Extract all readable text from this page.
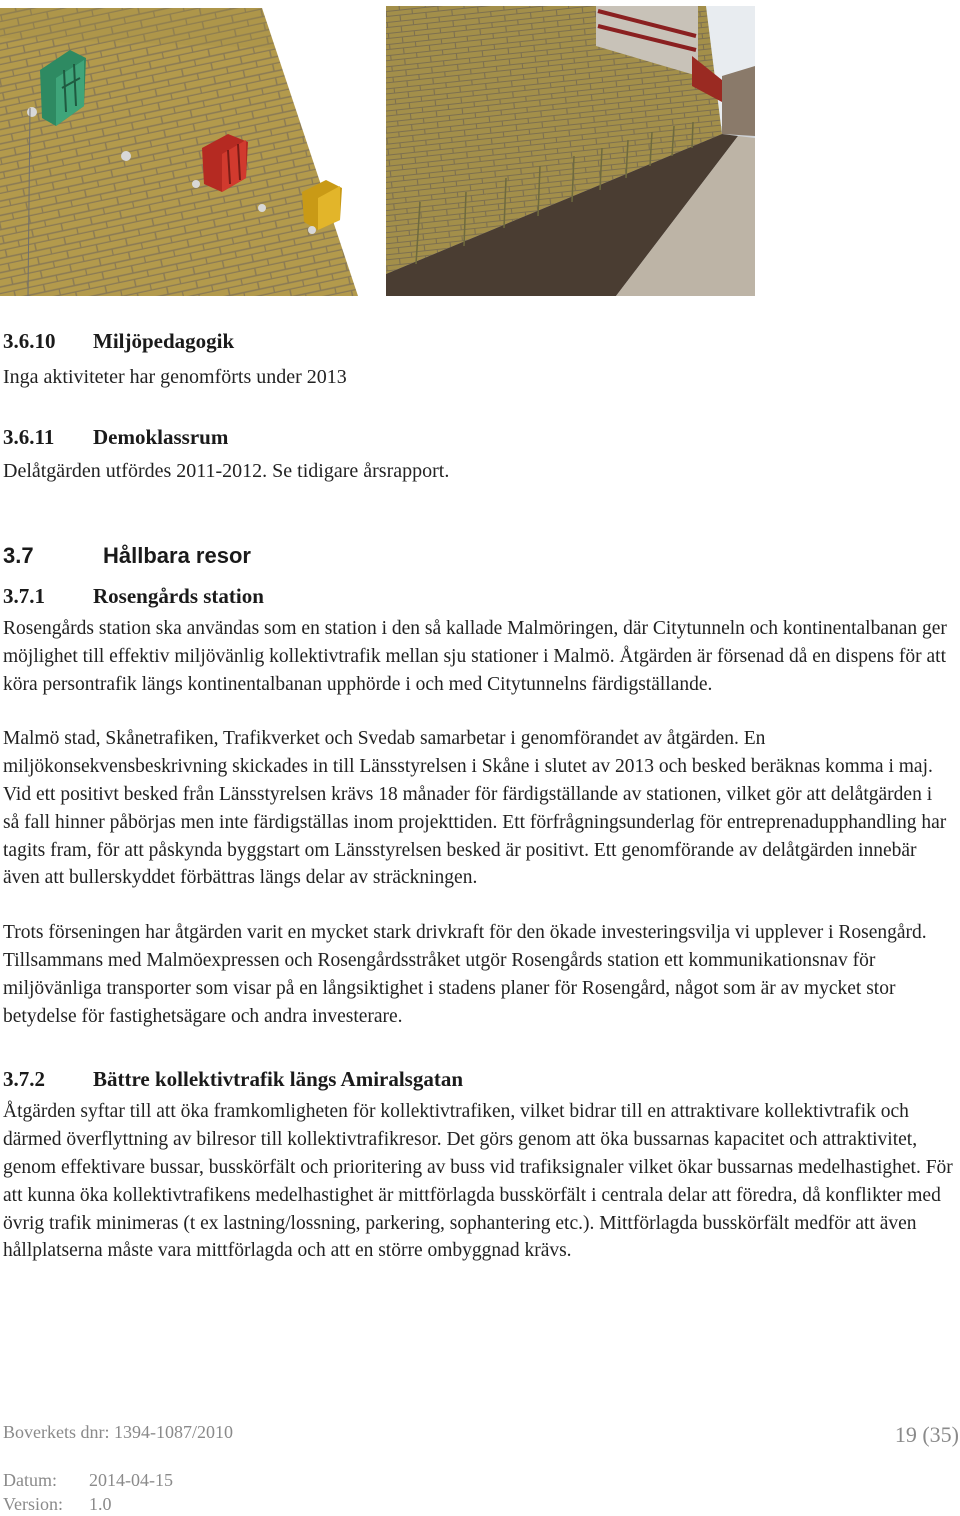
3.6.10 Miljöpedagogik

Inga aktiviteter har genomförts under 2013

3.6.11 Demoklassrum

Delåtgärden utfördes 2011-2012. Se tidigare årsrapport.

3.7	Hållbara resor
3.7.1 Rosengårds station

Rosengårds station ska användas som en station i den så kallade Malmöringen, där Citytunneln och kontinentalbanan ger möjlighet till effektiv miljövänlig kollektivtrafik mellan sju stationer i Malmö. Åtgärden är försenad då en dispens för att köra persontrafik längs kontinentalbanan upphörde i och med Citytunnelns färdigställande.

Malmö stad, Skånetrafiken, Trafikverket och Svedab samarbetar i genomförandet av åtgärden. En miljökonsekvensbeskrivning skickades in till Länsstyrelsen i Skåne i slutet av 2013 och besked beräknas komma i maj. Vid ett positivt besked från Länsstyrelsen krävs 18 månader för färdigställande av stationen, vilket gör att delåtgärden i så fall hinner påbörjas men inte färdigställas inom projekttiden. Ett förfrågningsunderlag för entreprenadupphandling har tagits fram, för att påskynda byggstart om Länsstyrelsen besked är positivt. Ett genomförande av delåtgärden innebär även att bullerskyddet förbättras längs delar av sträckningen.

Trots förseningen har åtgärden varit en mycket stark drivkraft för den ökade investeringsvilja vi upplever i Rosengård. Tillsammans med Malmöexpressen och Rosengårdsstråket utgör Rosengårds station ett kommunikationsnav för miljövänliga transporter som visar på en långsiktighet i stadens planer för Rosengård, något som är av mycket stor betydelse för fastighetsägare och andra investerare.

3.7.2 Bättre kollektivtrafik längs Amiralsgatan

Åtgärden syftar till att öka framkomligheten för kollektivtrafiken, vilket bidrar till en attraktivare kollektivtrafik och därmed överflyttning av bilresor till kollektivtrafikresor. Det görs genom att öka bussarnas kapacitet och attraktivitet, genom effektivare bussar, busskörfält och prioritering av buss vid trafiksignaler vilket ökar bussarnas medelhastighet. För att kunna öka kollektivtrafikens medelhastighet är mittförlagda busskörfält i centrala delar att föredra, då konflikter med övrig trafik minimeras (t ex lastning/lossning, parkering, sophantering etc.). Mittförlagda busskörfält medför att även hållplatserna måste vara mittförlagda och att en större ombyggnad krävs.

Boverkets dnr: 1394-1087/2010	19 (35)
Datum: 2014-04-15
Version: 1.0
